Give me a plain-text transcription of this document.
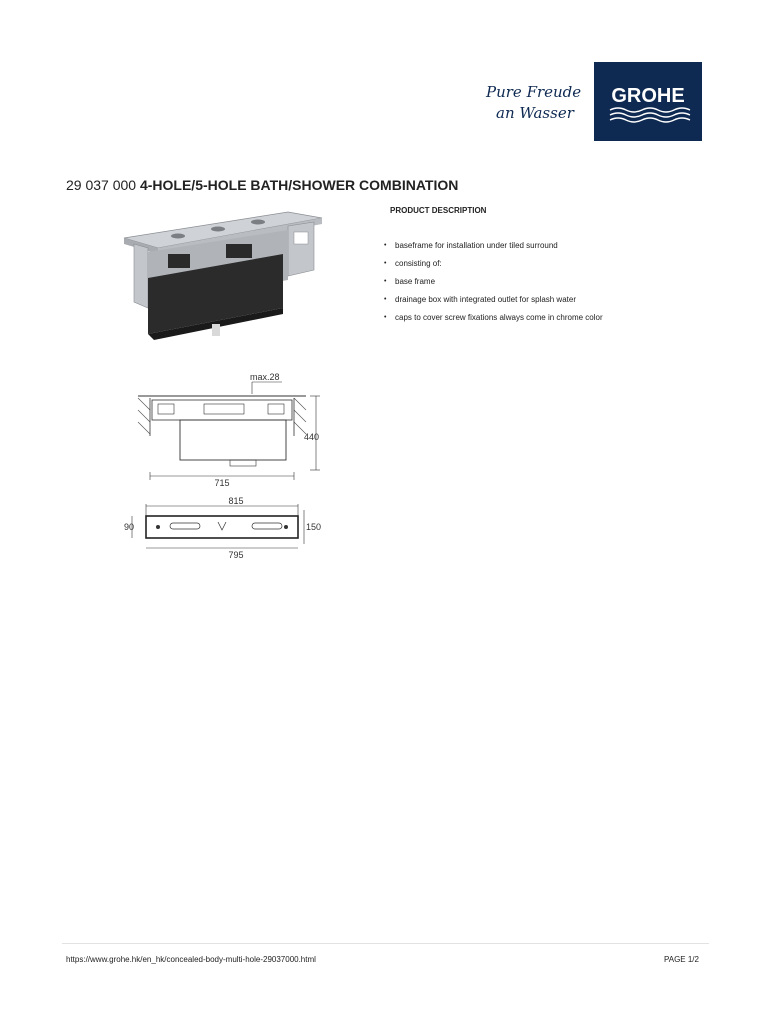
Pure Freude
an Wasser
GROHE
29 037 000 4-HOLE/5-HOLE BATH/SHOWER COMBINATION
max.28
440
715
815
90	150
795
PRODUCT DESCRIPTION
• baseframe for installation under tiled surround
• consisting of:
• base frame
• drainage box with integrated outlet for splash water
• caps to cover screw fixations always come in chrome color
https://www.grohe.hk/en_hk/concealed-body-multi-hole-29037000.html	PAGE 1/2
